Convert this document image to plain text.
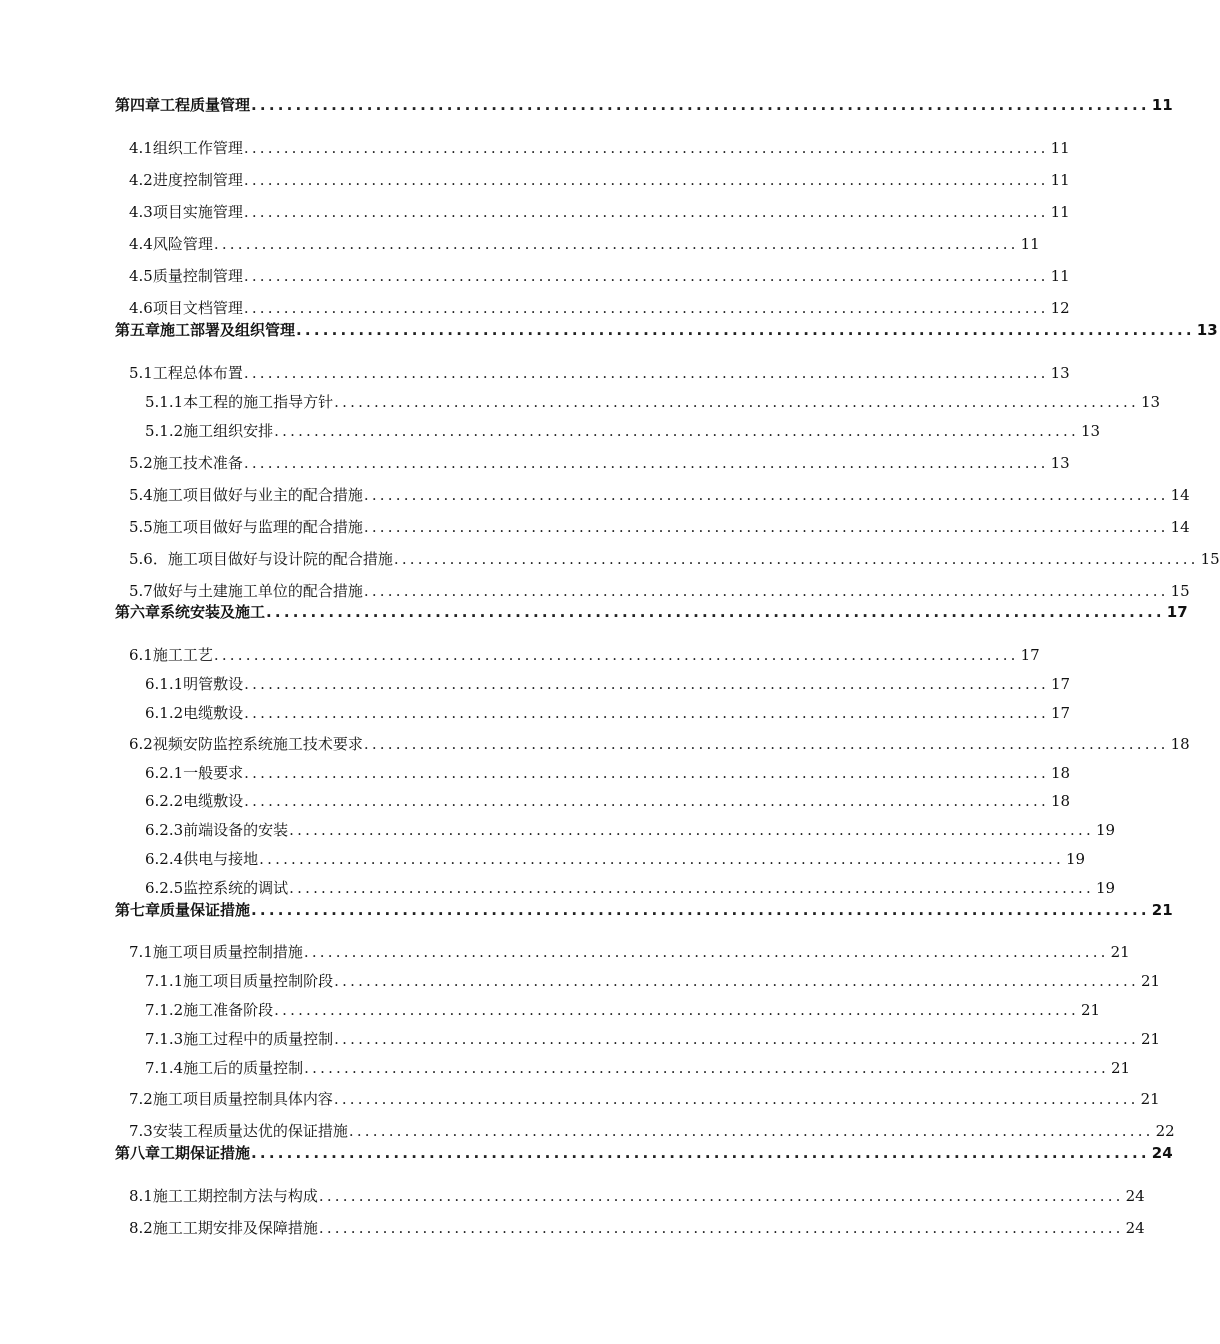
第四章 工程质量管理 ..................................................................................................... 11
4.1组织工作管理 ..................................................................................................... 11
4.2进度控制管理 ..................................................................................................... 11
4.3项目实施管理 ..................................................................................................... 11
4.4风险管理 ..................................................................................................... 11
4.5质量控制管理 ..................................................................................................... 11
4.6项目文档管理 ..................................................................................................... 12
第五章 施工部署及组织管理 ..................................................................................................... 13
5.1工程总体布置 ..................................................................................................... 13
5.1.1本工程的施工指导方针 ..................................................................................................... 13
5.1.2施工组织安排 ..................................................................................................... 13
5.2施工技术准备 ..................................................................................................... 13
5.4施工项目做好与业主的配合措施 ..................................................................................................... 14
5.5施工项目做好与监理的配合措施 ..................................................................................................... 14
5.6．施工项目做好与设计院的配合措施 ..................................................................................................... 15
5.7做好与土建施工单位的配合措施 ..................................................................................................... 15
第六章 系统安装及施工 ..................................................................................................... 17
6.1施工工艺 ..................................................................................................... 17
6.1.1明管敷设 ..................................................................................................... 17
6.1.2电缆敷设 ..................................................................................................... 17
6.2视频安防监控系统施工技术要求 ..................................................................................................... 18
6.2.1一般要求 ..................................................................................................... 18
6.2.2电缆敷设 ..................................................................................................... 18
6.2.3前端设备的安装 ..................................................................................................... 19
6.2.4供电与接地 ..................................................................................................... 19
6.2.5监控系统的调试 ..................................................................................................... 19
第七章 质量保证措施 ..................................................................................................... 21
7.1施工项目质量控制措施 ..................................................................................................... 21
7.1.1施工项目质量控制阶段 ..................................................................................................... 21
7.1.2施工准备阶段 ..................................................................................................... 21
7.1.3施工过程中的质量控制 ..................................................................................................... 21
7.1.4施工后的质量控制 ..................................................................................................... 21
7.2施工项目质量控制具体内容 ..................................................................................................... 21
7.3安装工程质量达优的保证措施 ..................................................................................................... 22
第八章 工期保证措施 ..................................................................................................... 24
8.1施工工期控制方法与构成 ..................................................................................................... 24
8.2施工工期安排及保障措施 ..................................................................................................... 24
